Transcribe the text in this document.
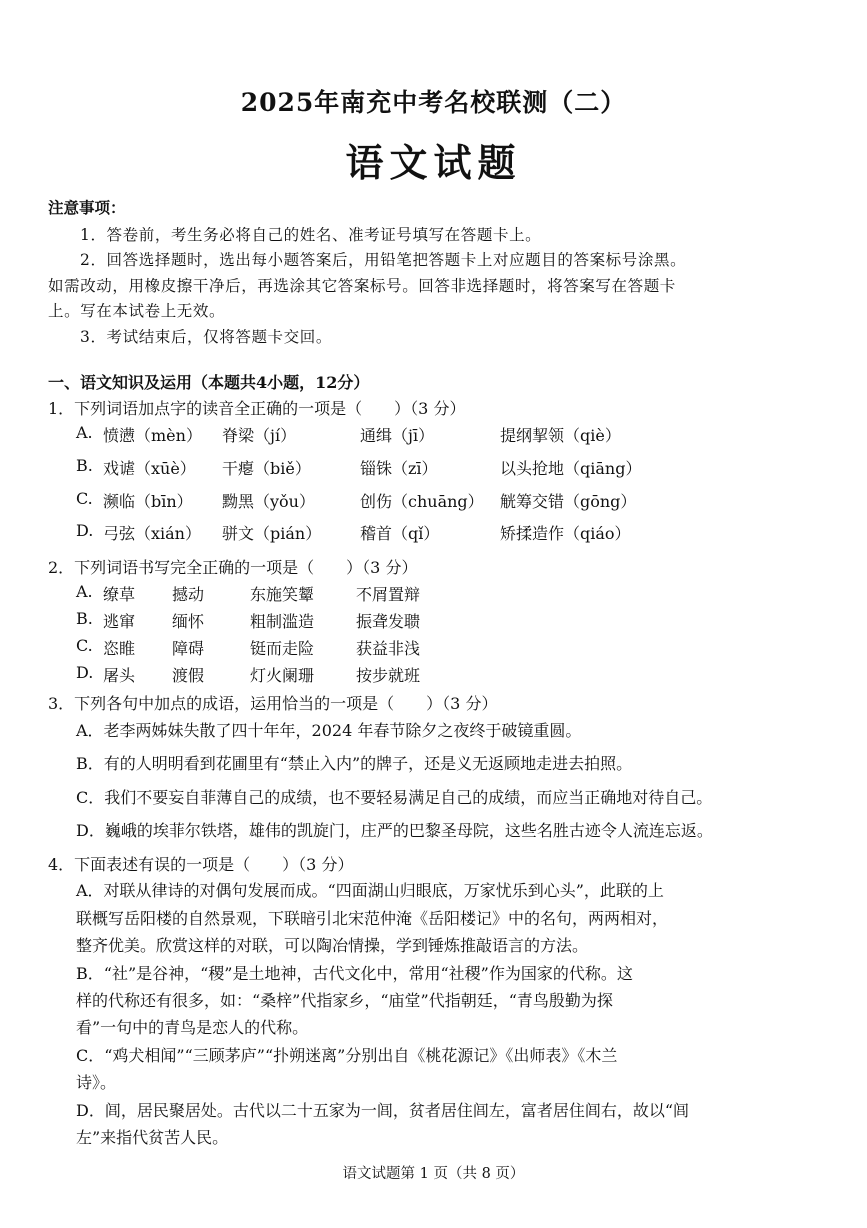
2025年南充中考名校联测（二）
语文试题
注意事项：
1．答卷前，考生务必将自己的姓名、准考证号填写在答题卡上。
2．回答选择题时，选出每小题答案后，用铅笔把答题卡上对应题目的答案标号涂黑。
如需改动，用橡皮擦干净后，再选涂其它答案标号。回答非选择题时，将答案写在答题卡
上。写在本试卷上无效。
3．考试结束后，仅将答题卡交回。
一、语文知识及运用（本题共4小题，12分）
1．下列词语加点字的读音全正确的一项是（　　）（3 分）
A. 愤懑（mèn） 脊梁（jí）	通缉（jī）	提纲挈领（qiè）
B. 戏谑（xūè） 干瘪（biě）	锱铢（zī）	以头抢地（qiāng）
C. 濒临（bīn） 黝黑（yǒu）	创伤（chuāng） 觥筹交错（gōng）
D. 弓弦（xián） 骈文（pián） 稽首（qǐ）	矫揉造作（qiáo）
2．下列词语书写完全正确的一项是（　　）（3 分）
A. 缭草 撼动	东施笑颦	不屑置辩
B. 逃窜 缅怀	粗制滥造	振聋发聩
C. 恣睢 障碍	铤而走险	获益非浅
D. 屠头 渡假	灯火阑珊	按步就班
3．下列各句中加点的成语，运用恰当的一项是（　　）（3 分）
A．老李两姊妹失散了四十年年，2024 年春节除夕之夜终于破镜重圆。
B．有的人明明看到花圃里有“禁止入内”的牌子，还是义无返顾地走进去拍照。
C．我们不要妄自菲薄自己的成绩，也不要轻易满足自己的成绩，而应当正确地对待自己。
D．巍峨的埃菲尔铁塔，雄伟的凯旋门，庄严的巴黎圣母院，这些名胜古迹令人流连忘返。
4．下面表述有误的一项是（　　）（3 分）
A．对联从律诗的对偶句发展而成。“四面湖山归眼底，万家忧乐到心头”，此联的上
联概写岳阳楼的自然景观，下联暗引北宋范仲淹《岳阳楼记》中的名句，两两相对，
整齐优美。欣赏这样的对联，可以陶冶情操，学到锤炼推敲语言的方法。
B．“社”是谷神，“稷”是土地神，古代文化中，常用“社稷”作为国家的代称。这
样的代称还有很多，如：“桑梓”代指家乡，“庙堂”代指朝廷，“青鸟殷勤为探
看”一句中的青鸟是恋人的代称。
C．“鸡犬相闻”“三顾茅庐”“扑朔迷离”分别出自《桃花源记》《出师表》《木兰
诗》。
D．闾，居民聚居处。古代以二十五家为一闾，贫者居住闾左，富者居住闾右，故以“闾
左”来指代贫苦人民。
语文试题第 1 页（共 8 页）
